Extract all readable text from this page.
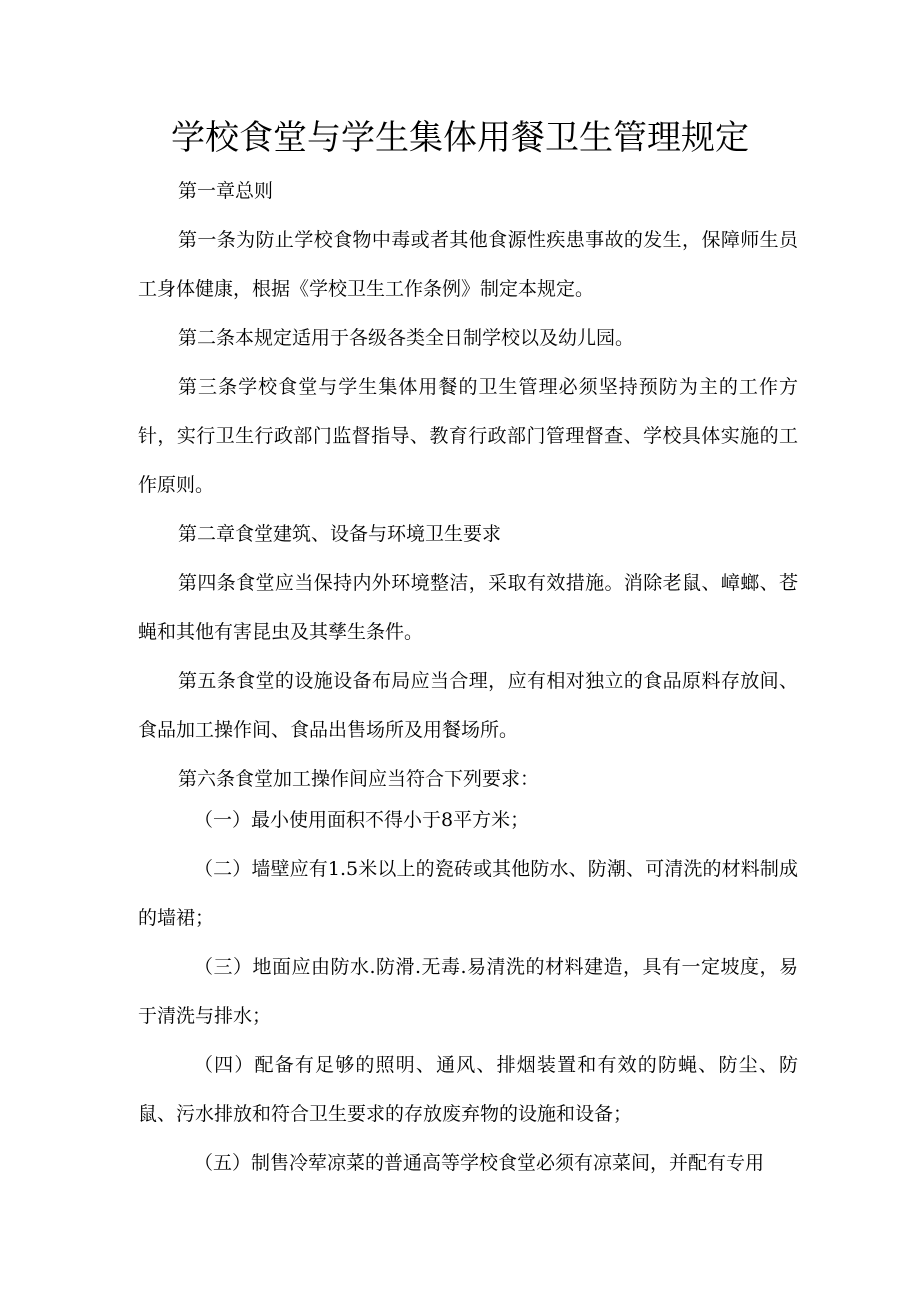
学校食堂与学生集体用餐卫生管理规定
第一章总则
第一条为防止学校食物中毒或者其他食源性疾患事故的发生，保障师生员工身体健康，根据《学校卫生工作条例》制定本规定。
第二条本规定适用于各级各类全日制学校以及幼儿园。
第三条学校食堂与学生集体用餐的卫生管理必须坚持预防为主的工作方针，实行卫生行政部门监督指导、教育行政部门管理督查、学校具体实施的工作原则。
第二章食堂建筑、设备与环境卫生要求
第四条食堂应当保持内外环境整洁，采取有效措施。消除老鼠、嶂螂、苍蝇和其他有害昆虫及其孳生条件。
第五条食堂的设施设备布局应当合理，应有相对独立的食品原料存放间、食品加工操作间、食品出售场所及用餐场所。
第六条食堂加工操作间应当符合下列要求：
（一）最小使用面积不得小于8平方米；
（二）墙壁应有1.5米以上的瓷砖或其他防水、防潮、可清洗的材料制成的墙裙；
（三）地面应由防水.防滑.无毒.易清洗的材料建造，具有一定坡度，易于清洗与排水；
（四）配备有足够的照明、通风、排烟装置和有效的防蝇、防尘、防鼠、污水排放和符合卫生要求的存放废弃物的设施和设备；
（五）制售冷荤凉菜的普通高等学校食堂必须有凉菜间，并配有专用
